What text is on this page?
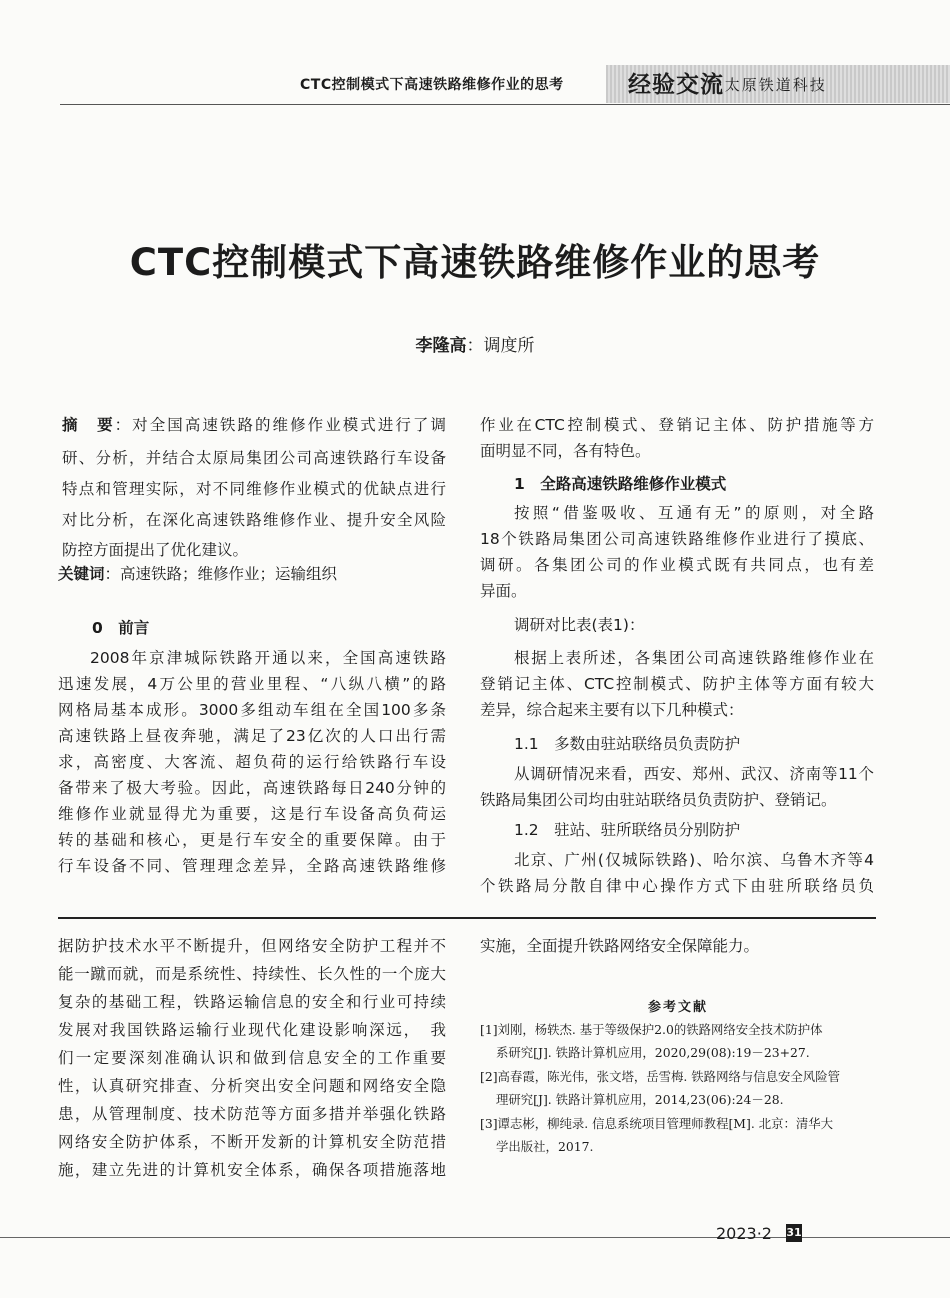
CTC控制模式下高速铁路维修作业的思考	经验交流
·太原铁道科技
CTC控制模式下高速铁路维修作业的思考
李隆高：调度所
摘　要：对全国高速铁路的维修作业模式进行了调
研、分析，并结合太原局集团公司高速铁路行车设备
特点和管理实际，对不同维修作业模式的优缺点进行
对比分析，在深化高速铁路维修作业、提升安全风险
防控方面提出了优化建议。
关键词：高速铁路；维修作业；运输组织
0　前言
2008年京津城际铁路开通以来，全国高速铁路
迅速发展，4万公里的营业里程、“八纵八横”的路
网格局基本成形。3000多组动车组在全国100多条
高速铁路上昼夜奔驰，满足了23亿次的人口出行需
求，高密度、大客流、超负荷的运行给铁路行车设
备带来了极大考验。因此，高速铁路每日240分钟的
维修作业就显得尤为重要，这是行车设备高负荷运
转的基础和核心，更是行车安全的重要保障。由于
行车设备不同、管理理念差异，全路高速铁路维修
作业在CTC控制模式、登销记主体、防护措施等方
面明显不同，各有特色。
1　全路高速铁路维修作业模式
按照“借鉴吸收、互通有无”的原则，对全路
18个铁路局集团公司高速铁路维修作业进行了摸底、
调研。各集团公司的作业模式既有共同点，也有差
异面。
调研对比表(表1)：
根据上表所述，各集团公司高速铁路维修作业在
登销记主体、CTC控制模式、防护主体等方面有较大
差异，综合起来主要有以下几种模式：
1.1　多数由驻站联络员负责防护
从调研情况来看，西安、郑州、武汉、济南等11个
铁路局集团公司均由驻站联络员负责防护、登销记。
1.2　驻站、驻所联络员分别防护
北京、广州(仅城际铁路)、哈尔滨、乌鲁木齐等4
个铁路局分散自律中心操作方式下由驻所联络员负
据防护技术水平不断提升，但网络安全防护工程并不
能一蹴而就，而是系统性、持续性、长久性的一个庞大
复杂的基础工程，铁路运输信息的安全和行业可持续
发展对我国铁路运输行业现代化建设影响深远，　我
们一定要深刻准确认识和做到信息安全的工作重要
性，认真研究排查、分析突出安全问题和网络安全隐
患，从管理制度、技术防范等方面多措并举强化铁路
网络安全防护体系，不断开发新的计算机安全防范措
施，建立先进的计算机安全体系，确保各项措施落地
实施，全面提升铁路网络安全保障能力。
参考文献
[1]刘刚，杨轶杰. 基于等级保护2.0的铁路网络安全技术防护体
系研究[J]. 铁路计算机应用，2020,29(08):19－23+27.
[2]高春霞，陈光伟，张文塔，岳雪梅. 铁路网络与信息安全风险管
理研究[J]. 铁路计算机应用，2014,23(06):24－28.
[3]谭志彬，柳纯录. 信息系统项目管理师教程[M]. 北京：清华大
学出版社，2017.
2023·2 31
